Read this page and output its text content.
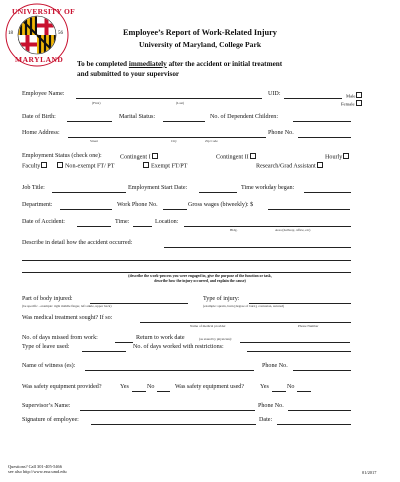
UNIVERSITY OF
18	56
MARYLAND
Employee’s Report of Work-Related Injury
University of Maryland, College Park
To be completed immediately after the accident or initial treatment
and submitted to your supervisor
Employee Name:	UID:
(First)	(Last)
Male
Female
Date of Birth:	Marital Status:	No. of Dependent Children:
Home Address:	Phone No.
Street	City	Zip Code
Employment Status (check one):	Contingent I	Contingent II	Hourly
Faculty	Non-exempt FT/ PT	Exempt FT/PT	Research/Grad Assistant
Job Title:	Employment Start Date:	Time workday began:
Department:	Work Phone No.	Gross wages (biweekly): $
Date of Accident:	Time:	Location:
Bldg.	Area (hallway, office, etc)
Describe in detail how the accident occurred:
(describe the work-process you were engaged in, give the purpose of the function or task,
describe how the injury occurred, and explain the cause)
Part of body injured:
(be specific - example: right middle finger, left ankle, upper back)
Type of injury:
(example: sprain, burn [degree of burn], contusion, sutured)
Was medical treatment sought? If so:
Name of medical provider	Phone Number
No. of days missed from work:	Return to work date	(as stated by physician):
Type of leave used:	No. of days worked with restrictions:
Name of witness (es):	Phone No.
Was safety equipment provided?	Yes	No	Was safety equipment used?	Yes	No
Supervisor’s Name:	Phone No.
Signature of employee:	Date:
Questions? Call 301-405-5466
see also http://www.essr.umd.edu	01/2017
